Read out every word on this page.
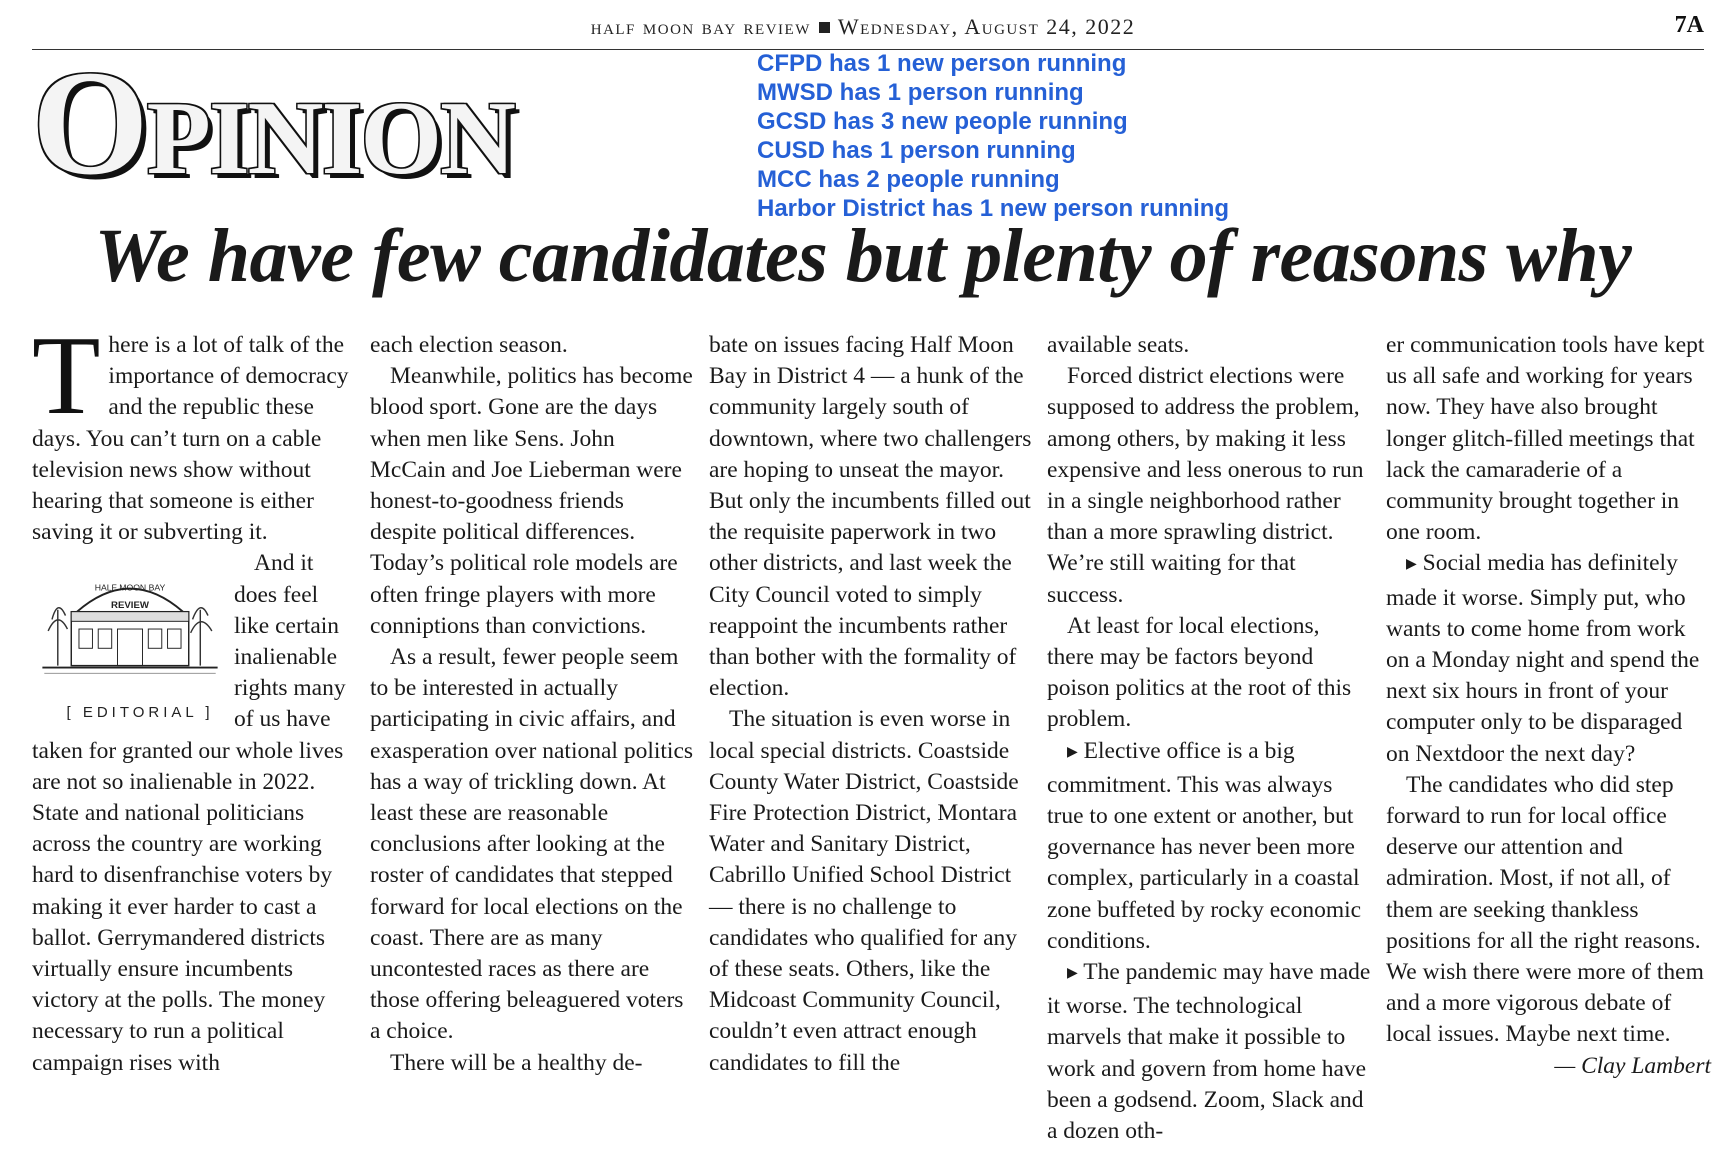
half moon bay review Wednesday, August 24, 2022	7A
Opinion	CFPD has 1 new person running
MWSD has 1 person running
GCSD has 3 new people running
CUSD has 1 person running
MCC has 2 people running
Harbor District has 1 new person running
We have few candidates but plenty of reasons why

There is a lot of talk of the importance of democracy and the republic these days. You can’t turn on a cable television news show without hearing that someone is either saving it or subverting it.

HALF MOON BAY
REVIEW
[ EDITORIAL ]
And it does feel like certain inalienable rights many of us have taken for granted our whole lives are not so inalienable in 2022. State and national politicians across the country are working hard to disenfranchise voters by making it ever harder to cast a ballot. Gerrymandered districts virtually ensure incumbents victory at the polls. The money necessary to run a political campaign rises with

each election season.

Meanwhile, politics has become blood sport. Gone are the days when men like Sens. John McCain and Joe Lieberman were honest-to-goodness friends despite political differences. Today’s political role models are often fringe players with more conniptions than convictions.

As a result, fewer people seem to be interested in actually participating in civic affairs, and exasperation over national politics has a way of trickling down. At least these are reasonable conclusions after looking at the roster of candidates that stepped forward for local elections on the coast. There are as many uncontested races as there are those offering beleaguered voters a choice.

There will be a healthy de-

bate on issues facing Half Moon Bay in District 4 — a hunk of the community largely south of downtown, where two challengers are hoping to unseat the mayor. But only the incumbents filled out the requisite paperwork in two other districts, and last week the City Council voted to simply reappoint the incumbents rather than bother with the formality of election.

The situation is even worse in local special districts. Coastside County Water District, Coastside Fire Protection District, Montara Water and Sanitary District, Cabrillo Unified School District — there is no challenge to candidates who qualified for any of these seats. Others, like the Midcoast Community Council, couldn’t even attract enough candidates to fill the

available seats.

Forced district elections were supposed to address the problem, among others, by making it less expensive and less onerous to run in a single neighborhood rather than a more sprawling district. We’re still waiting for that success.

At least for local elections, there may be factors beyond poison politics at the root of this problem.

▶ Elective office is a big commitment. This was always true to one extent or another, but governance has never been more complex, particularly in a coastal zone buffeted by rocky economic conditions.

▶ The pandemic may have made it worse. The technological marvels that make it possible to work and govern from home have been a godsend. Zoom, Slack and a dozen oth-

er communication tools have kept us all safe and working for years now. They have also brought longer glitch-filled meetings that lack the camaraderie of a community brought together in one room.

▶ Social media has definitely made it worse. Simply put, who wants to come home from work on a Monday night and spend the next six hours in front of your computer only to be disparaged on Nextdoor the next day?

The candidates who did step forward to run for local office deserve our attention and admiration. Most, if not all, of them are seeking thankless positions for all the right reasons. We wish there were more of them and a more vigorous debate of local issues. Maybe next time.

— Clay Lambert
